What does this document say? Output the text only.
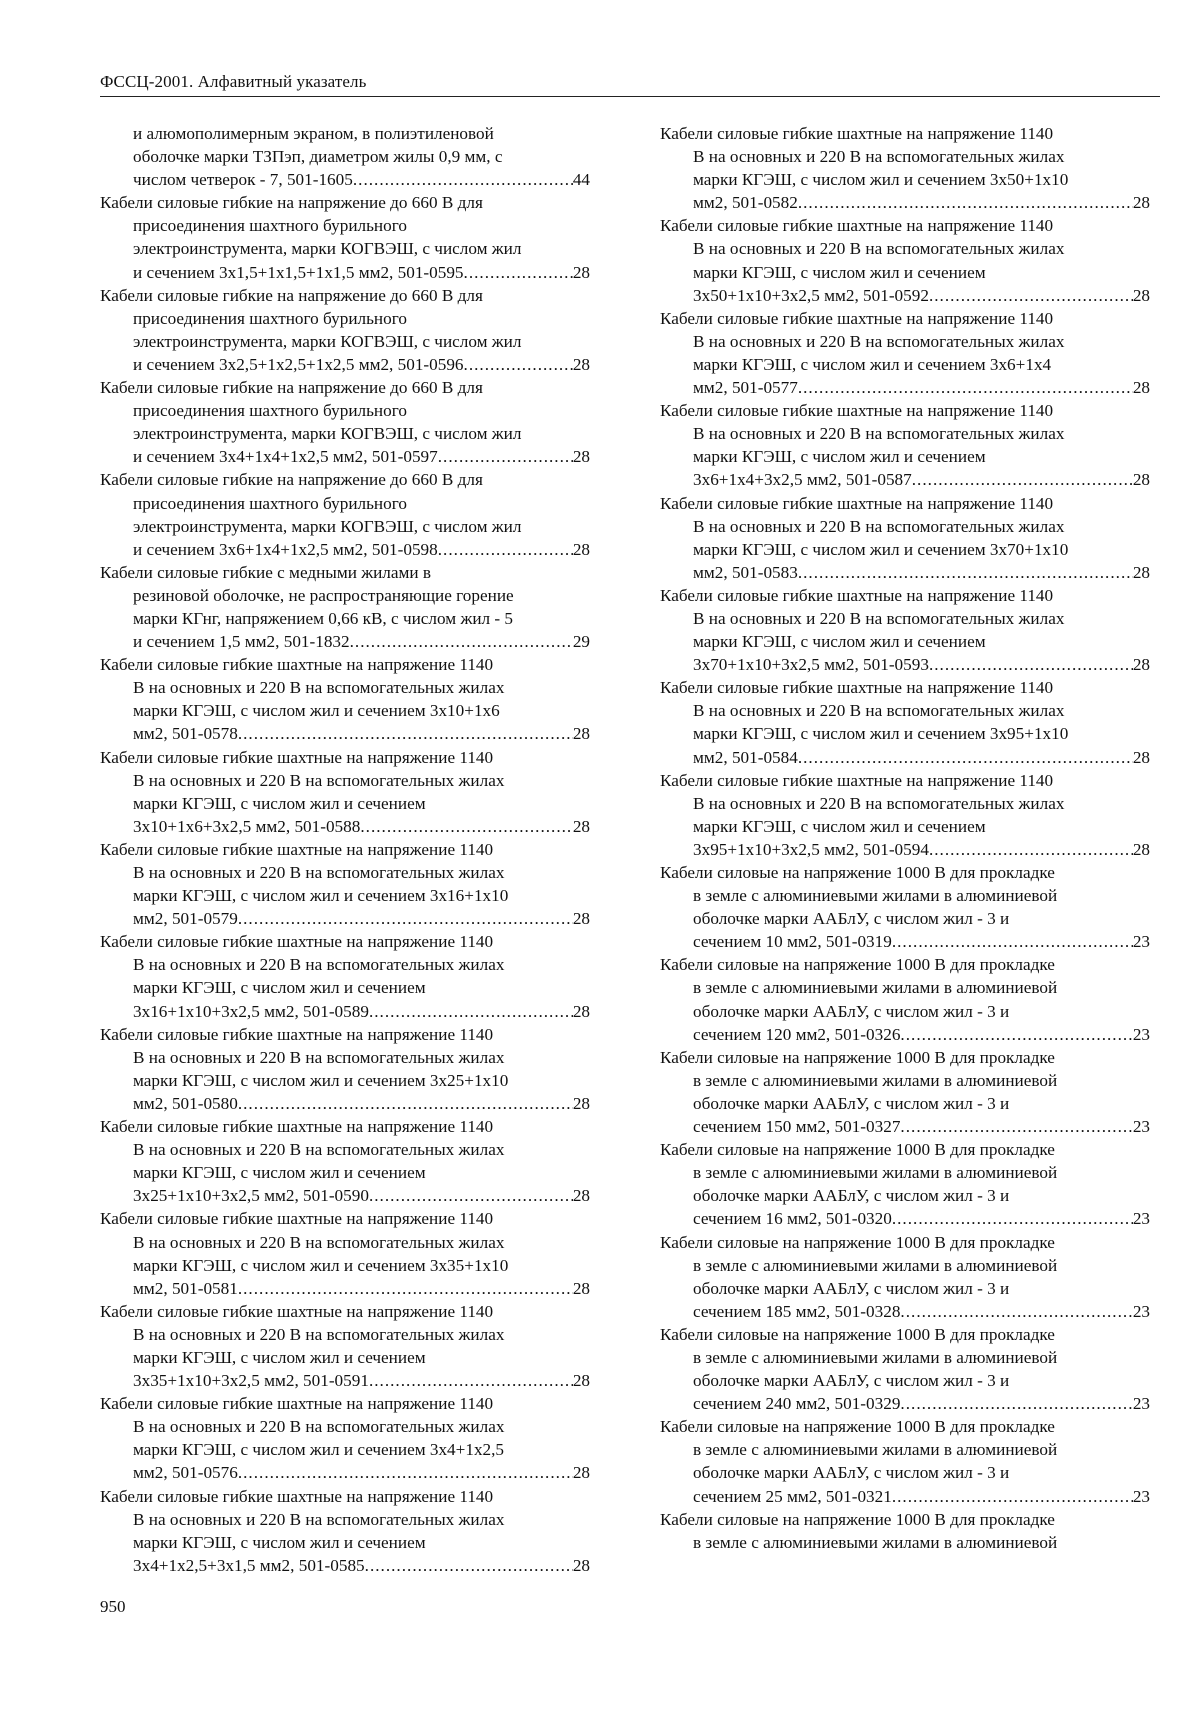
ФССЦ-2001. Алфавитный указатель
и алюмополимерным экраном, в полиэтиленовой
оболочке марки ТЗПэп, диаметром жилы 0,9 мм, с
числом четверок - 7, 501-1605 .....	44
Кабели силовые гибкие на напряжение до 660 В для
присоединения шахтного бурильного
электроинструмента, марки КОГВЭШ, с числом жил
и сечением 3х1,5+1х1,5+1х1,5 мм2, 501-0595 .....	28
Кабели силовые гибкие на напряжение до 660 В для
присоединения шахтного бурильного
электроинструмента, марки КОГВЭШ, с числом жил
и сечением 3х2,5+1х2,5+1х2,5 мм2, 501-0596 .....	28
Кабели силовые гибкие на напряжение до 660 В для
присоединения шахтного бурильного
электроинструмента, марки КОГВЭШ, с числом жил
и сечением 3х4+1х4+1х2,5 мм2, 501-0597 .....	28
Кабели силовые гибкие на напряжение до 660 В для
присоединения шахтного бурильного
электроинструмента, марки КОГВЭШ, с числом жил
и сечением 3х6+1х4+1х2,5 мм2, 501-0598 .....	28
Кабели силовые гибкие с медными жилами в
резиновой оболочке, не распространяющие горение
марки КГнг, напряжением 0,66 кВ, с числом жил - 5
и сечением 1,5 мм2, 501-1832 .....	29
Кабели силовые гибкие шахтные на напряжение 1140
В на основных и 220 В на вспомогательных жилах
марки КГЭШ, с числом жил и сечением 3х10+1х6
мм2, 501-0578 .....	28
Кабели силовые гибкие шахтные на напряжение 1140
В на основных и 220 В на вспомогательных жилах
марки КГЭШ, с числом жил и сечением
3х10+1х6+3х2,5 мм2, 501-0588 .....	28
Кабели силовые гибкие шахтные на напряжение 1140
В на основных и 220 В на вспомогательных жилах
марки КГЭШ, с числом жил и сечением 3х16+1х10
мм2, 501-0579 .....	28
Кабели силовые гибкие шахтные на напряжение 1140
В на основных и 220 В на вспомогательных жилах
марки КГЭШ, с числом жил и сечением
3х16+1х10+3х2,5 мм2, 501-0589 .....	28
Кабели силовые гибкие шахтные на напряжение 1140
В на основных и 220 В на вспомогательных жилах
марки КГЭШ, с числом жил и сечением 3х25+1х10
мм2, 501-0580 .....	28
Кабели силовые гибкие шахтные на напряжение 1140
В на основных и 220 В на вспомогательных жилах
марки КГЭШ, с числом жил и сечением
3х25+1х10+3х2,5 мм2, 501-0590 .....	28
Кабели силовые гибкие шахтные на напряжение 1140
В на основных и 220 В на вспомогательных жилах
марки КГЭШ, с числом жил и сечением 3х35+1х10
мм2, 501-0581 .....	28
Кабели силовые гибкие шахтные на напряжение 1140
В на основных и 220 В на вспомогательных жилах
марки КГЭШ, с числом жил и сечением
3х35+1х10+3х2,5 мм2, 501-0591 .....	28
Кабели силовые гибкие шахтные на напряжение 1140
В на основных и 220 В на вспомогательных жилах
марки КГЭШ, с числом жил и сечением 3х4+1х2,5
мм2, 501-0576 .....	28
Кабели силовые гибкие шахтные на напряжение 1140
В на основных и 220 В на вспомогательных жилах
марки КГЭШ, с числом жил и сечением
3х4+1х2,5+3х1,5 мм2, 501-0585 .....	28
Кабели силовые гибкие шахтные на напряжение 1140
В на основных и 220 В на вспомогательных жилах
марки КГЭШ, с числом жил и сечением 3х50+1х10
мм2, 501-0582 .....	28
Кабели силовые гибкие шахтные на напряжение 1140
В на основных и 220 В на вспомогательных жилах
марки КГЭШ, с числом жил и сечением
3х50+1х10+3х2,5 мм2, 501-0592 .....	28
Кабели силовые гибкие шахтные на напряжение 1140
В на основных и 220 В на вспомогательных жилах
марки КГЭШ, с числом жил и сечением 3х6+1х4
мм2, 501-0577 .....	28
Кабели силовые гибкие шахтные на напряжение 1140
В на основных и 220 В на вспомогательных жилах
марки КГЭШ, с числом жил и сечением
3х6+1х4+3х2,5 мм2, 501-0587 .....	28
Кабели силовые гибкие шахтные на напряжение 1140
В на основных и 220 В на вспомогательных жилах
марки КГЭШ, с числом жил и сечением 3х70+1х10
мм2, 501-0583 .....	28
Кабели силовые гибкие шахтные на напряжение 1140
В на основных и 220 В на вспомогательных жилах
марки КГЭШ, с числом жил и сечением
3х70+1х10+3х2,5 мм2, 501-0593 .....	28
Кабели силовые гибкие шахтные на напряжение 1140
В на основных и 220 В на вспомогательных жилах
марки КГЭШ, с числом жил и сечением 3х95+1х10
мм2, 501-0584 .....	28
Кабели силовые гибкие шахтные на напряжение 1140
В на основных и 220 В на вспомогательных жилах
марки КГЭШ, с числом жил и сечением
3х95+1х10+3х2,5 мм2, 501-0594 .....	28
Кабели силовые на напряжение 1000 В для прокладке
в земле с алюминиевыми жилами в алюминиевой
оболочке марки ААБлУ, с числом жил - 3 и
сечением 10 мм2, 501-0319 .....	23
Кабели силовые на напряжение 1000 В для прокладке
в земле с алюминиевыми жилами в алюминиевой
оболочке марки ААБлУ, с числом жил - 3 и
сечением 120 мм2, 501-0326 .....	23
Кабели силовые на напряжение 1000 В для прокладке
в земле с алюминиевыми жилами в алюминиевой
оболочке марки ААБлУ, с числом жил - 3 и
сечением 150 мм2, 501-0327 .....	23
Кабели силовые на напряжение 1000 В для прокладке
в земле с алюминиевыми жилами в алюминиевой
оболочке марки ААБлУ, с числом жил - 3 и
сечением 16 мм2, 501-0320 .....	23
Кабели силовые на напряжение 1000 В для прокладке
в земле с алюминиевыми жилами в алюминиевой
оболочке марки ААБлУ, с числом жил - 3 и
сечением 185 мм2, 501-0328 .....	23
Кабели силовые на напряжение 1000 В для прокладке
в земле с алюминиевыми жилами в алюминиевой
оболочке марки ААБлУ, с числом жил - 3 и
сечением 240 мм2, 501-0329 .....	23
Кабели силовые на напряжение 1000 В для прокладке
в земле с алюминиевыми жилами в алюминиевой
оболочке марки ААБлУ, с числом жил - 3 и
сечением 25 мм2, 501-0321 .....	23
Кабели силовые на напряжение 1000 В для прокладке
в земле с алюминиевыми жилами в алюминиевой
950
